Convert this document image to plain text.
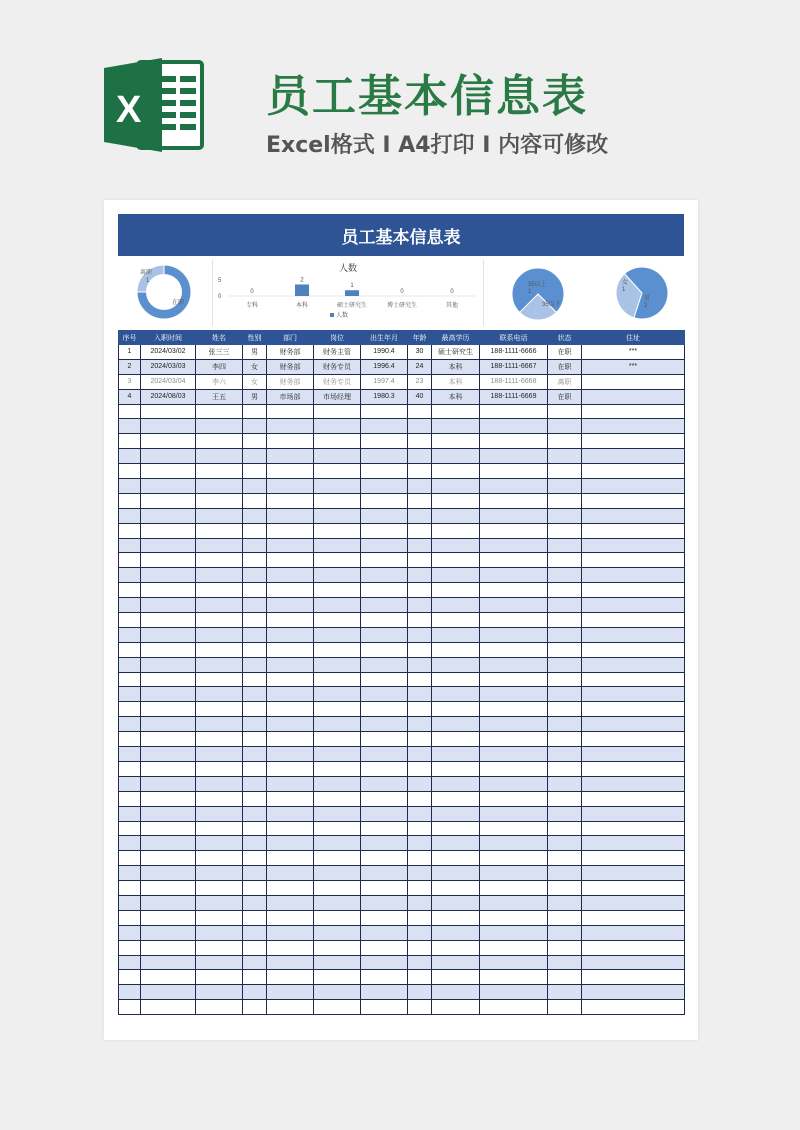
X	员工基本信息表
Excel格式 I A4打印 I 内容可修改
员工基本信息表
离职
1
在职
人数
5
0
0
专科
2
本科
1
硕士研究生
0
博士研究生
0
其他
人数
35以上
1
35以下
女
1
男
2
序号	入职时间	姓名	性别	部门	岗位	出生年月	年龄	最高学历	联系电话	状态	住址
1	2024/03/02	张三三	男	财务部	财务主管	1990.4	30	硕士研究生	188-1111-6666	在职	***
2	2024/03/03	李四	女	财务部	财务专员	1996.4	24	本科	188-1111-6667	在职	***
3	2024/03/04	李六	女	财务部	财务专员	1997.4	23	本科	188-1111-6668	离职	
4	2024/08/03	王五	男	市场部	市场经理	1980.3	40	本科	188-1111-6669	在职	
